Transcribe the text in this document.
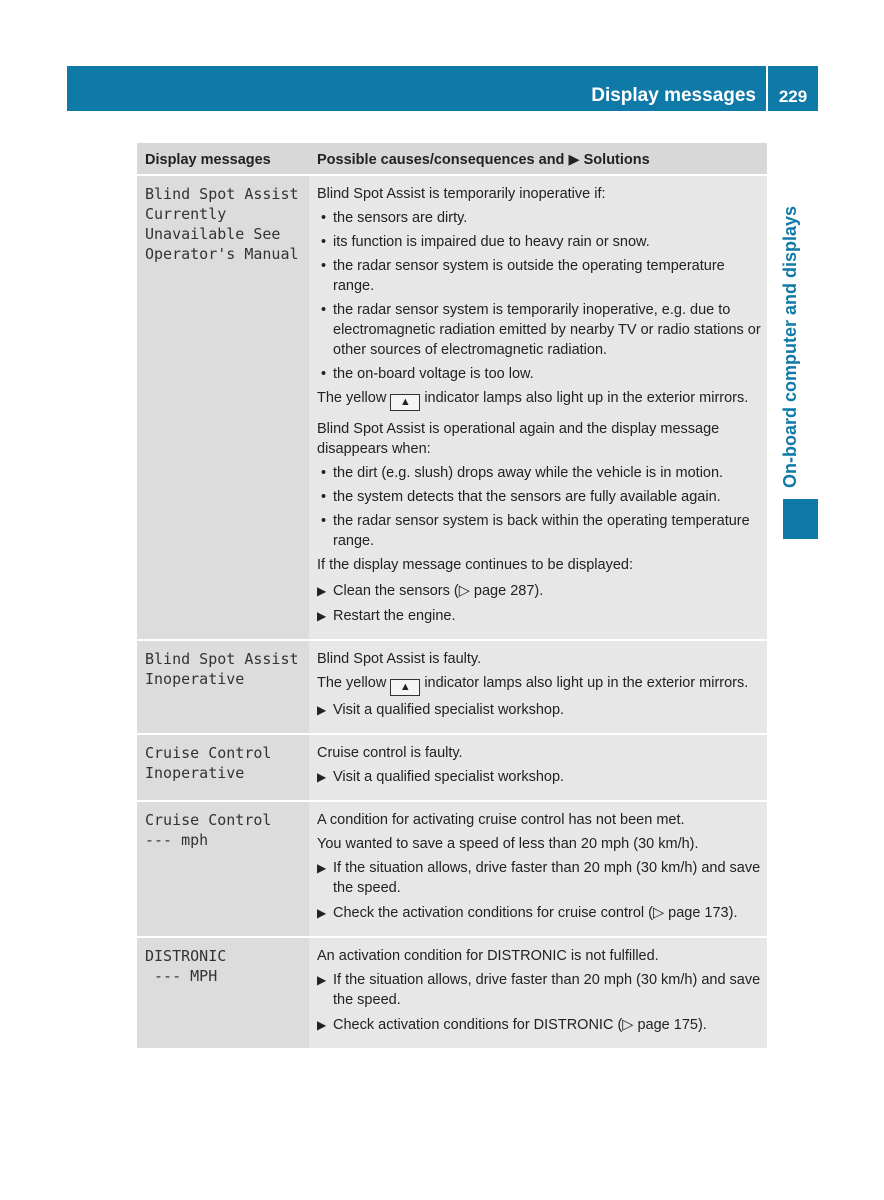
Display messages	229
On-board computer and displays
Display messages	Possible causes/consequences and ▶ Solutions
Blind Spot Assist
Currently
Unavailable See
Operator's Manual

Blind Spot Assist is temporarily inoperative if:

• the sensors are dirty.
• its function is impaired due to heavy rain or snow.
• the radar sensor system is outside the operating temperature range.
• the radar sensor system is temporarily inoperative, e.g. due to electromagnetic radiation emitted by nearby TV or radio stations or other sources of electromagnetic radiation.
• the on-board voltage is too low.

The yellow ▲ indicator lamps also light up in the exterior mirrors.

Blind Spot Assist is operational again and the display message disappears when:

• the dirt (e.g. slush) drops away while the vehicle is in motion.
• the system detects that the sensors are fully available again.
• the radar sensor system is back within the operating temperature range.

If the display message continues to be displayed:

▶ Clean the sensors (▷ page 287).
▶ Restart the engine.
Blind Spot Assist
Inoperative

Blind Spot Assist is faulty.

The yellow ▲ indicator lamps also light up in the exterior mirrors.

▶ Visit a qualified specialist workshop.
Cruise Control
Inoperative

Cruise control is faulty.

▶ Visit a qualified specialist workshop.
Cruise Control
--- mph

A condition for activating cruise control has not been met.

You wanted to save a speed of less than 20 mph (30 km/h).

▶ If the situation allows, drive faster than 20 mph (30 km/h) and save the speed.
▶ Check the activation conditions for cruise control (▷ page 173).
DISTRONIC
--- MPH

An activation condition for DISTRONIC is not fulfilled.

▶ If the situation allows, drive faster than 20 mph (30 km/h) and save the speed.
▶ Check activation conditions for DISTRONIC (▷ page 175).
